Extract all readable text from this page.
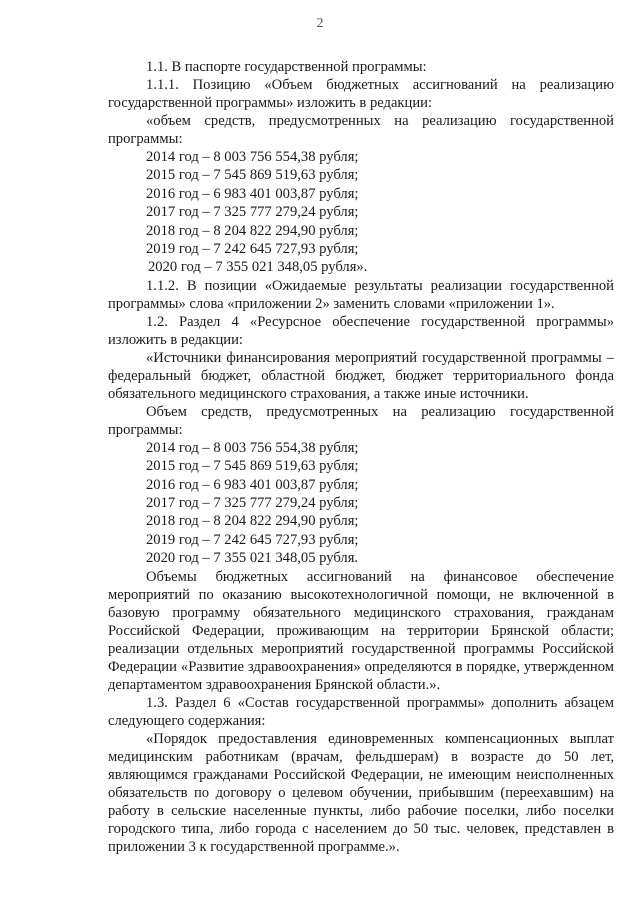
2

1.1. В паспорте государственной программы:

1.1.1. Позицию «Объем бюджетных ассигнований на реализацию государственной программы» изложить в редакции:

«объем средств, предусмотренных на реализацию государственной программы:

2014 год – 8 003 756 554,38 рубля;
2015 год – 7 545 869 519,63 рубля;
2016 год – 6 983 401 003,87 рубля;
2017 год – 7 325 777 279,24 рубля;
2018 год – 8 204 822 294,90 рубля;
2019 год – 7 242 645 727,93 рубля;
2020 год – 7 355 021 348,05 рубля».

1.1.2. В позиции «Ожидаемые результаты реализации государственной программы» слова «приложении 2» заменить словами «приложении 1».

1.2. Раздел 4 «Ресурсное обеспечение государственной программы» изложить в редакции:

«Источники финансирования мероприятий государственной программы – федеральный бюджет, областной бюджет, бюджет территориального фонда обязательного медицинского страхования, а также иные источники.

Объем средств, предусмотренных на реализацию государственной программы:

2014 год – 8 003 756 554,38 рубля;
2015 год – 7 545 869 519,63 рубля;
2016 год – 6 983 401 003,87 рубля;
2017 год – 7 325 777 279,24 рубля;
2018 год – 8 204 822 294,90 рубля;
2019 год – 7 242 645 727,93 рубля;
2020 год – 7 355 021 348,05 рубля.

Объемы бюджетных ассигнований на финансовое обеспечение мероприятий по оказанию высокотехнологичной помощи, не включенной в базовую программу обязательного медицинского страхования, гражданам Российской Федерации, проживающим на территории Брянской области; реализации отдельных мероприятий государственной программы Российской Федерации «Развитие здравоохранения» определяются в порядке, утвержденном департаментом здравоохранения Брянской области.».

1.3. Раздел 6 «Состав государственной программы» дополнить абзацем следующего содержания:

«Порядок предоставления единовременных компенсационных выплат медицинским работникам (врачам, фельдшерам) в возрасте до 50 лет, являющимся гражданами Российской Федерации, не имеющим неисполненных обязательств по договору о целевом обучении, прибывшим (переехавшим) на работу в сельские населенные пункты, либо рабочие поселки, либо поселки городского типа, либо города с населением до 50 тыс. человек, представлен в приложении 3 к государственной программе.».
